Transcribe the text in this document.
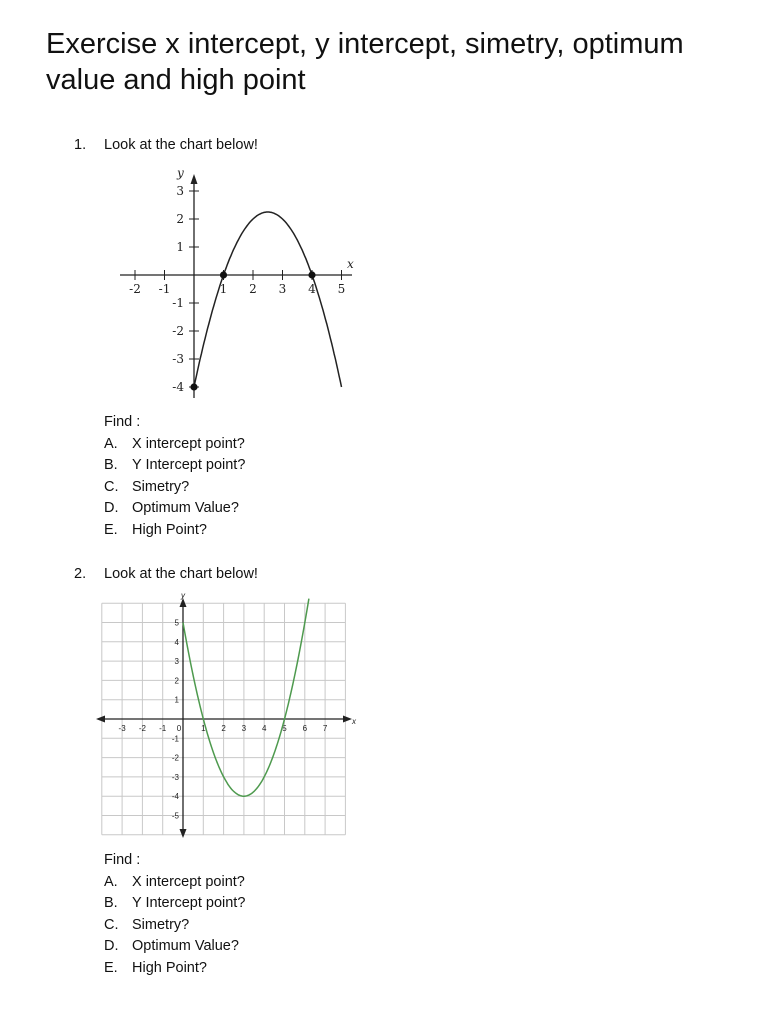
Exercise x intercept, y intercept, simetry, optimum value and high point
1. Look at the chart below!
x
y
-2 -1	1 2 3 4 5
3
2
1
-1
-2
-3
-4
Find :
A. X intercept point?
B. Y Intercept point?
C. Simetry?
D. Optimum Value?
E. High Point?
2. Look at the chart below!
x
y
-3 -2 -1 0 1 2 3 4 5 6 7
5
4
3
2
1
-1
-2
-3
-4
-5
Find :
A. X intercept point?
B. Y Intercept point?
C. Simetry?
D. Optimum Value?
E. High Point?
